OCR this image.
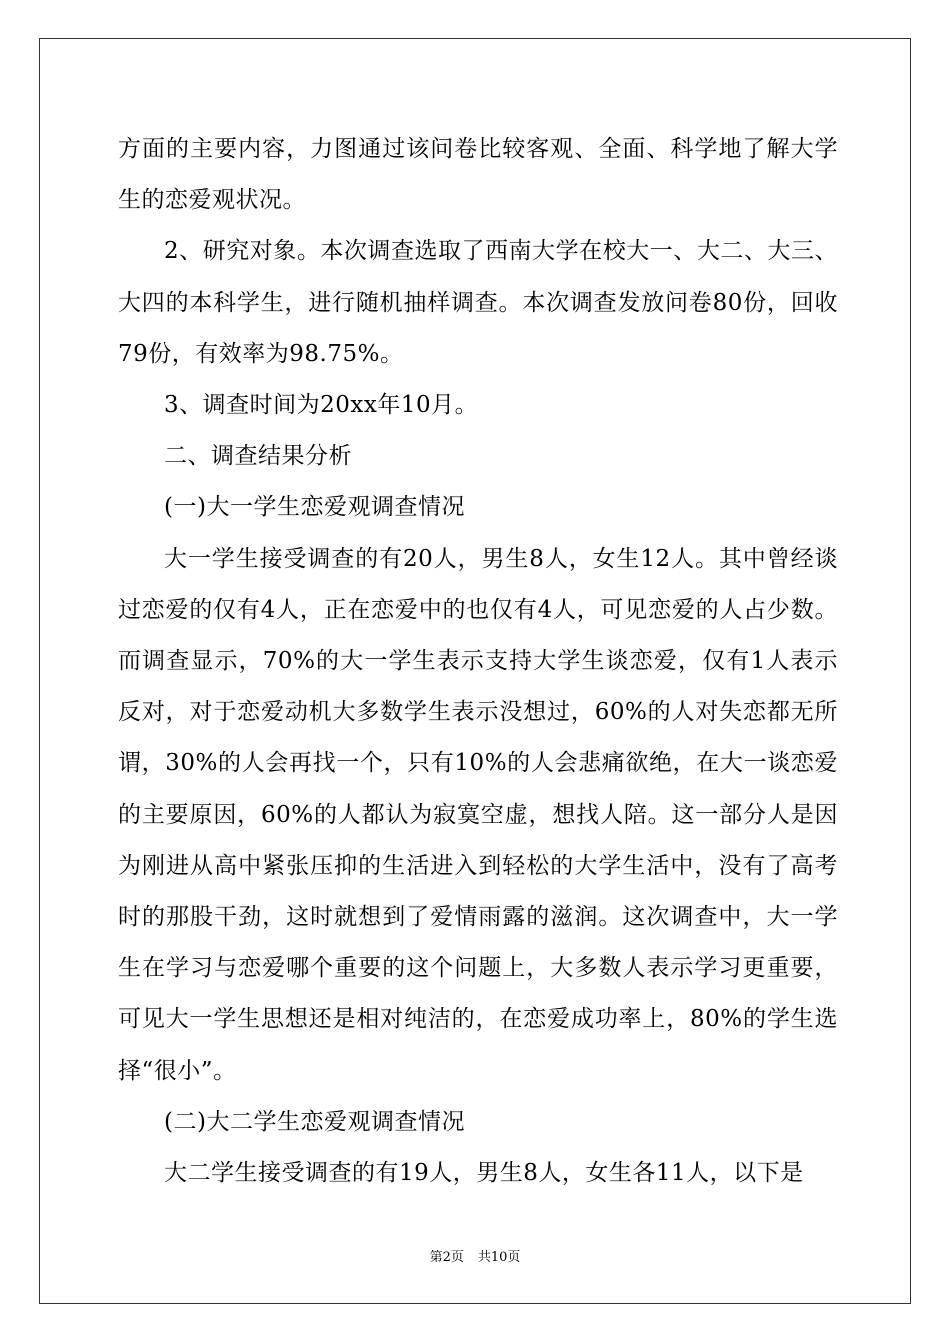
方面的主要内容，力图通过该问卷比较客观、全面、科学地了解大学生的恋爱观状况。

2、研究对象。本次调查选取了西南大学在校大一、大二、大三、大四的本科学生，进行随机抽样调查。本次调查发放问卷80份，回收79份，有效率为98.75%。

3、调查时间为20xx年10月。

二、调查结果分析

(一)大一学生恋爱观调查情况

大一学生接受调查的有20人，男生8人，女生12人。其中曾经谈过恋爱的仅有4人，正在恋爱中的也仅有4人，可见恋爱的人占少数。而调查显示，70%的大一学生表示支持大学生谈恋爱，仅有1人表示反对，对于恋爱动机大多数学生表示没想过，60%的人对失恋都无所谓，30%的人会再找一个，只有10%的人会悲痛欲绝，在大一谈恋爱的主要原因，60%的人都认为寂寞空虚，想找人陪。这一部分人是因为刚进从高中紧张压抑的生活进入到轻松的大学生活中，没有了高考时的那股干劲，这时就想到了爱情雨露的滋润。这次调查中，大一学生在学习与恋爱哪个重要的这个问题上，大多数人表示学习更重要，可见大一学生思想还是相对纯洁的，在恋爱成功率上，80%的学生选择“很小”。

(二)大二学生恋爱观调查情况

大二学生接受调查的有19人，男生8人，女生各11人，以下是

第2页 共10页
